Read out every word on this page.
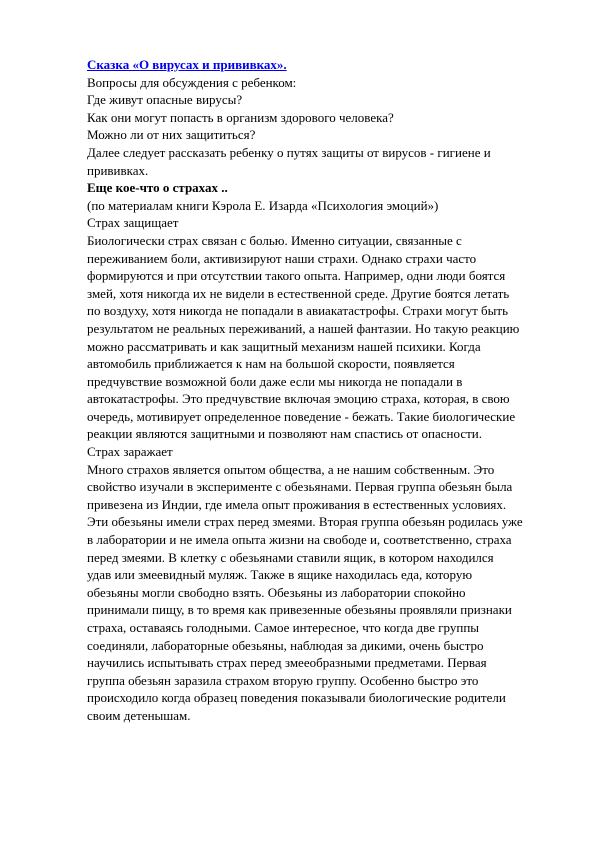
Сказка «О вирусах и прививках».
Вопросы для обсуждения с ребенком:
Где живут опасные вирусы?
Как они могут попасть в организм здорового человека?
Можно ли от них защититься?
Далее следует рассказать ребенку о путях защиты от вирусов - гигиене и
прививках.
Еще кое-что о страхах ..
(по материалам книги Кэрола Е. Изарда «Психология эмоций»)
Страх защищает
Биологически страх связан с болью. Именно ситуации, связанные с
переживанием боли, активизируют наши страхи. Однако страхи часто
формируются и при отсутствии такого опыта. Например, одни люди боятся
змей, хотя никогда их не видели в естественной среде. Другие боятся летать
по воздуху, хотя никогда не попадали в авиакатастрофы. Страхи могут быть
результатом не реальных переживаний, а нашей фантазии. Но такую реакцию
можно рассматривать и как защитный механизм нашей психики. Когда
автомобиль приближается к нам на большой скорости, появляется
предчувствие возможной боли даже если мы никогда не попадали в
автокатастрофы. Это предчувствие включая эмоцию страха, которая, в свою
очередь, мотивирует определенное поведение - бежать. Такие биологические
реакции являются защитными и позволяют нам спастись от опасности.
Страх заражает
Много страхов является опытом общества, а не нашим собственным. Это
свойство изучали в эксперименте с обезьянами. Первая группа обезьян была
привезена из Индии, где имела опыт проживания в естественных условиях.
Эти обезьяны имели страх перед змеями. Вторая группа обезьян родилась уже
в лаборатории и не имела опыта жизни на свободе и, соответственно, страха
перед змеями. В клетку с обезьянами ставили ящик, в котором находился
удав или змеевидный муляж. Также в ящике находилась еда, которую
обезьяны могли свободно взять. Обезьяны из лаборатории спокойно
принимали пищу, в то время как привезенные обезьяны проявляли признаки
страха, оставаясь голодными. Самое интересное, что когда две группы
соединяли, лабораторные обезьяны, наблюдая за дикими, очень быстро
научились испытывать страх перед змееобразными предметами. Первая
группа обезьян заразила страхом вторую группу. Особенно быстро это
происходило когда образец поведения показывали биологические родители
своим детенышам.
